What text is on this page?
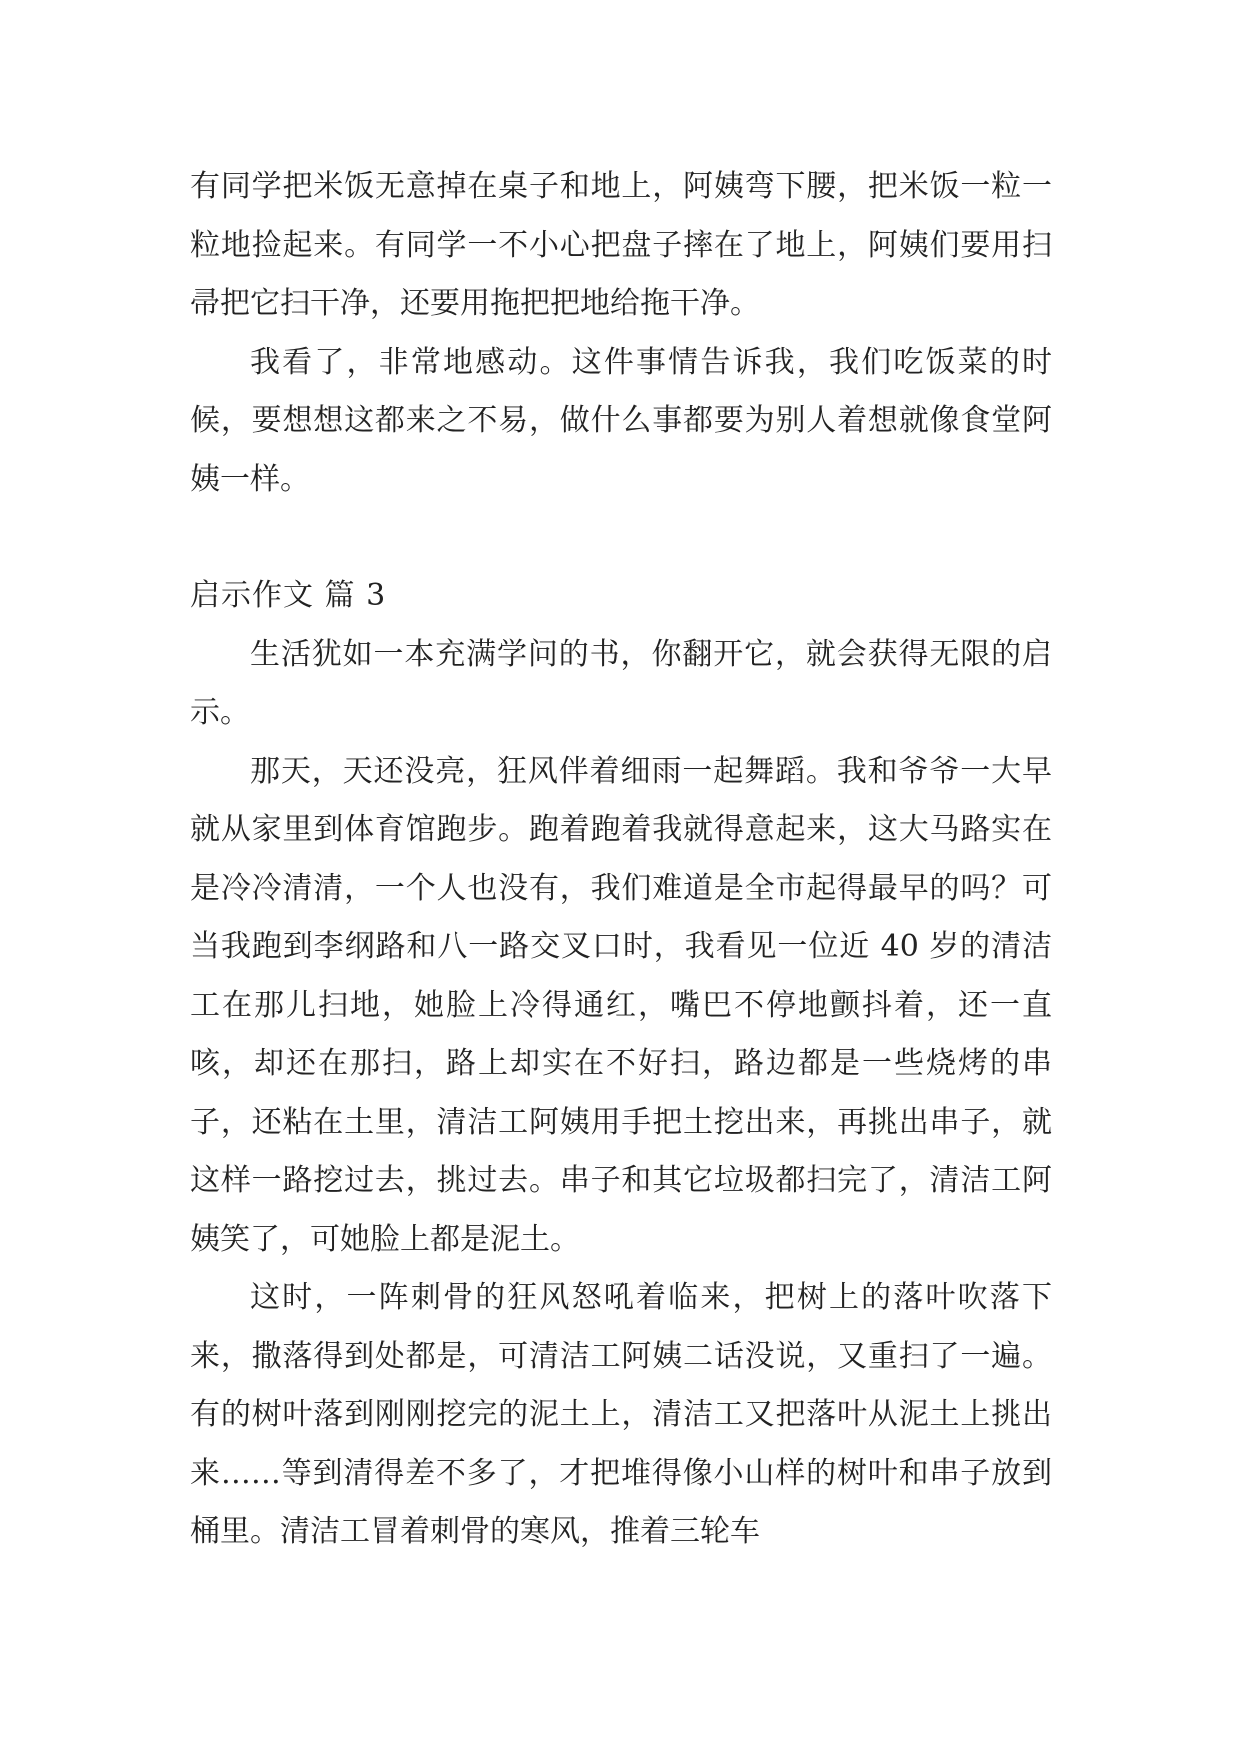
有同学把米饭无意掉在桌子和地上，阿姨弯下腰，把米饭一粒一粒地捡起来。有同学一不小心把盘子摔在了地上，阿姨们要用扫帚把它扫干净，还要用拖把把地给拖干净。

我看了，非常地感动。这件事情告诉我，我们吃饭菜的时候，要想想这都来之不易，做什么事都要为别人着想就像食堂阿姨一样。

启示作文 篇 3

生活犹如一本充满学问的书，你翻开它，就会获得无限的启示。

那天，天还没亮，狂风伴着细雨一起舞蹈。我和爷爷一大早就从家里到体育馆跑步。跑着跑着我就得意起来，这大马路实在是冷冷清清，一个人也没有，我们难道是全市起得最早的吗？可当我跑到李纲路和八一路交叉口时，我看见一位近 40 岁的清洁工在那儿扫地，她脸上冷得通红，嘴巴不停地颤抖着，还一直咳，却还在那扫，路上却实在不好扫，路边都是一些烧烤的串子，还粘在土里，清洁工阿姨用手把土挖出来，再挑出串子，就这样一路挖过去，挑过去。串子和其它垃圾都扫完了，清洁工阿姨笑了，可她脸上都是泥土。

这时，一阵刺骨的狂风怒吼着临来，把树上的落叶吹落下来，撒落得到处都是，可清洁工阿姨二话没说，又重扫了一遍。有的树叶落到刚刚挖完的泥土上，清洁工又把落叶从泥土上挑出来……等到清得差不多了，才把堆得像小山样的树叶和串子放到桶里。清洁工冒着刺骨的寒风，推着三轮车
